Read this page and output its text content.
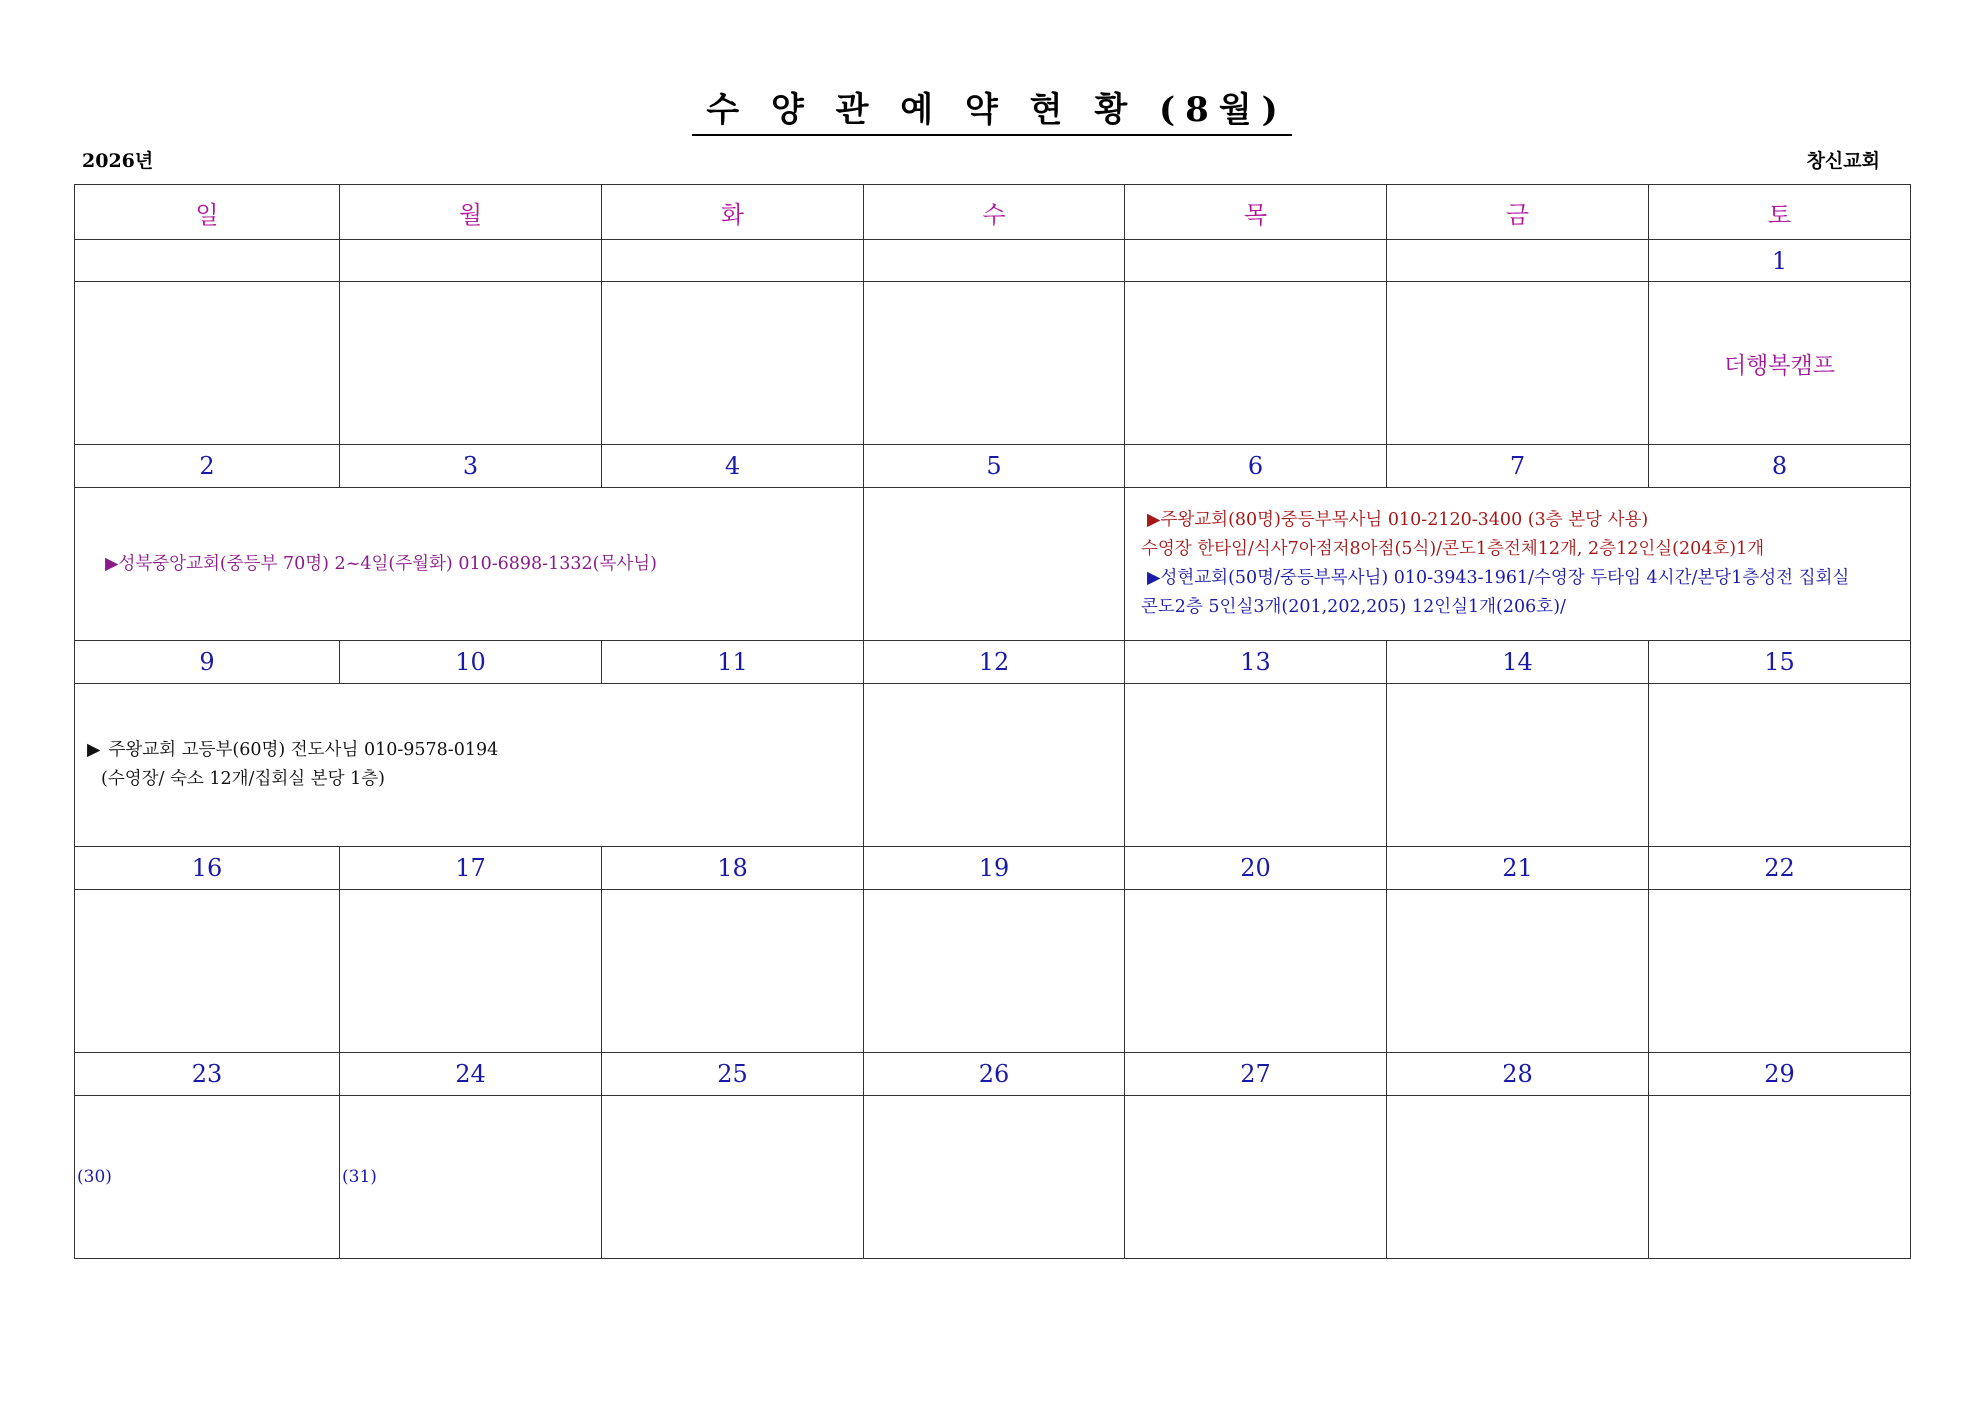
수 양 관 예 약 현 황 (8월)
2026년	창신교회
일	월	화	수	목	금	토
						1

						더행복캠프

2	3	4	5	6	7	8

▶성북중앙교회(중등부 70명) 2~4일(주월화) 010-6898-1332(목사님)				▶주왕교회(80명)중등부목사님 010-2120-3400 (3층 본당 사용)
수영장 한타임/식사7아점저8아점(5식)/콘도1층전체12개, 2층12인실(204호)1개
▶성현교회(50명/중등부목사님) 010-3943-1961/수영장 두타임 4시간/본당1층성전 집회실
콘도2층 5인실3개(201,202,205) 12인실1개(206호)/		

9	10	11	12	13	14	15

▶ 주왕교회 고등부(60명) 전도사님 010-9578-0194
(수영장/ 숙소 12개/집회실 본당 1층)						

16	17	18	19	20	21	22

23	24	25	26	27	28	29

(30)	(31)					
